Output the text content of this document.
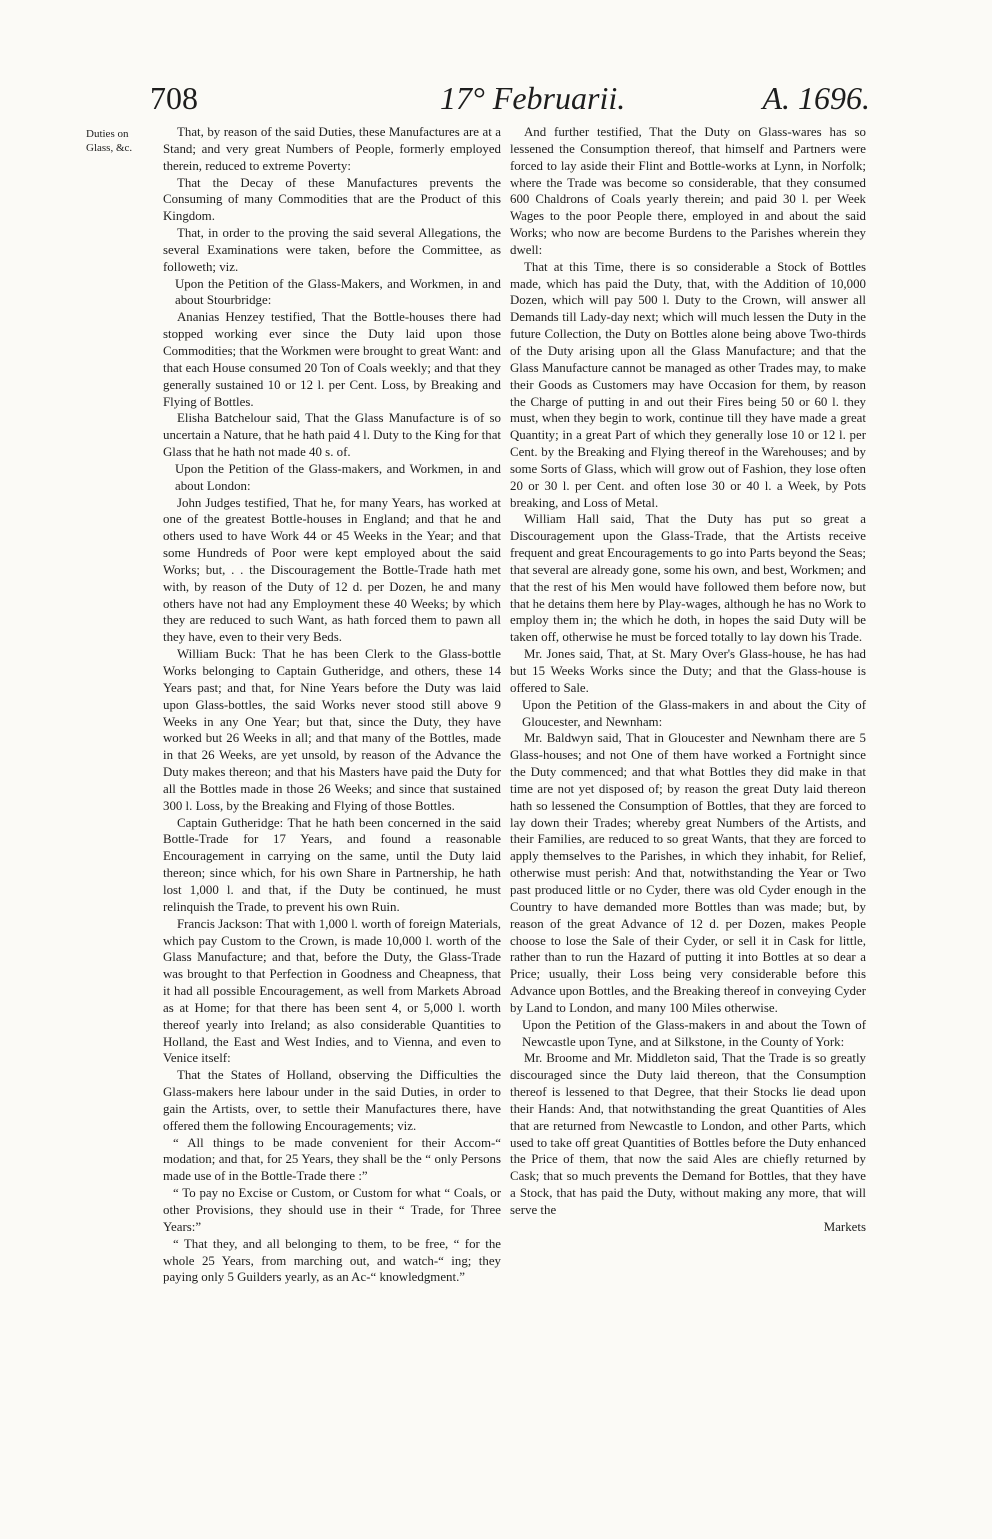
708	17° Februarii.	A. 1696.
Duties on Glass, &c.

That, by reason of the said Duties, these Manufactures are at a Stand; and very great Numbers of People, formerly employed therein, reduced to extreme Poverty:

That the Decay of these Manufactures prevents the Consuming of many Commodities that are the Product of this Kingdom.

That, in order to the proving the said several Allegations, the several Examinations were taken, before the Committee, as followeth; viz.

Upon the Petition of the Glass-Makers, and Workmen, in and about Stourbridge:

Ananias Henzey testified, That the Bottle-houses there had stopped working ever since the Duty laid upon those Commodities; that the Workmen were brought to great Want: and that each House consumed 20 Ton of Coals weekly; and that they generally sustained 10 or 12 l. per Cent. Loss, by Breaking and Flying of Bottles.

Elisha Batchelour said, That the Glass Manufacture is of so uncertain a Nature, that he hath paid 4 l. Duty to the King for that Glass that he hath not made 40 s. of.

Upon the Petition of the Glass-makers, and Workmen, in and about London:

John Judges testified, That he, for many Years, has worked at one of the greatest Bottle-houses in England; and that he and others used to have Work 44 or 45 Weeks in the Year; and that some Hundreds of Poor were kept employed about the said Works; but, . . the Discouragement the Bottle-Trade hath met with, by reason of the Duty of 12 d. per Dozen, he and many others have not had any Employment these 40 Weeks; by which they are reduced to such Want, as hath forced them to pawn all they have, even to their very Beds.

William Buck: That he has been Clerk to the Glass-bottle Works belonging to Captain Gutheridge, and others, these 14 Years past; and that, for Nine Years before the Duty was laid upon Glass-bottles, the said Works never stood still above 9 Weeks in any One Year; but that, since the Duty, they have worked but 26 Weeks in all; and that many of the Bottles, made in that 26 Weeks, are yet unsold, by reason of the Advance the Duty makes thereon; and that his Masters have paid the Duty for all the Bottles made in those 26 Weeks; and since that sustained 300 l. Loss, by the Breaking and Flying of those Bottles.

Captain Gutheridge: That he hath been concerned in the said Bottle-Trade for 17 Years, and found a reasonable Encouragement in carrying on the same, until the Duty laid thereon; since which, for his own Share in Partnership, he hath lost 1,000 l. and that, if the Duty be continued, he must relinquish the Trade, to prevent his own Ruin.

Francis Jackson: That with 1,000 l. worth of foreign Materials, which pay Custom to the Crown, is made 10,000 l. worth of the Glass Manufacture; and that, before the Duty, the Glass-Trade was brought to that Perfection in Goodness and Cheapness, that it had all possible Encouragement, as well from Markets Abroad as at Home; for that there has been sent 4, or 5,000 l. worth thereof yearly into Ireland; as also considerable Quantities to Holland, the East and West Indies, and to Vienna, and even to Venice itself:

That the States of Holland, observing the Difficulties the Glass-makers here labour under in the said Duties, in order to gain the Artists, over, to settle their Manufactures there, have offered them the following Encouragements; viz.

“ All things to be made convenient for their Accom-“ modation; and that, for 25 Years, they shall be the “ only Persons made use of in the Bottle-Trade there :”

“ To pay no Excise or Custom, or Custom for what “ Coals, or other Provisions, they should use in their “ Trade, for Three Years:”

“ That they, and all belonging to them, to be free, “ for the whole 25 Years, from marching out, and watch-“ ing; they paying only 5 Guilders yearly, as an Ac-“ knowledgment.”

And further testified, That the Duty on Glass-wares has so lessened the Consumption thereof, that himself and Partners were forced to lay aside their Flint and Bottle-works at Lynn, in Norfolk; where the Trade was become so considerable, that they consumed 600 Chaldrons of Coals yearly therein; and paid 30 l. per Week Wages to the poor People there, employed in and about the said Works; who now are become Burdens to the Parishes wherein they dwell:

That at this Time, there is so considerable a Stock of Bottles made, which has paid the Duty, that, with the Addition of 10,000 Dozen, which will pay 500 l. Duty to the Crown, will answer all Demands till Lady-day next; which will much lessen the Duty in the future Collection, the Duty on Bottles alone being above Two-thirds of the Duty arising upon all the Glass Manufacture; and that the Glass Manufacture cannot be managed as other Trades may, to make their Goods as Customers may have Occasion for them, by reason the Charge of putting in and out their Fires being 50 or 60 l. they must, when they begin to work, continue till they have made a great Quantity; in a great Part of which they generally lose 10 or 12 l. per Cent. by the Breaking and Flying thereof in the Warehouses; and by some Sorts of Glass, which will grow out of Fashion, they lose often 20 or 30 l. per Cent. and often lose 30 or 40 l. a Week, by Pots breaking, and Loss of Metal.

William Hall said, That the Duty has put so great a Discouragement upon the Glass-Trade, that the Artists receive frequent and great Encouragements to go into Parts beyond the Seas; that several are already gone, some his own, and best, Workmen; and that the rest of his Men would have followed them before now, but that he detains them here by Play-wages, although he has no Work to employ them in; the which he doth, in hopes the said Duty will be taken off, otherwise he must be forced totally to lay down his Trade.

Mr. Jones said, That, at St. Mary Over's Glass-house, he has had but 15 Weeks Works since the Duty; and that the Glass-house is offered to Sale.

Upon the Petition of the Glass-makers in and about the City of Gloucester, and Newnham:

Mr. Baldwyn said, That in Gloucester and Newnham there are 5 Glass-houses; and not One of them have worked a Fortnight since the Duty commenced; and that what Bottles they did make in that time are not yet disposed of; by reason the great Duty laid thereon hath so lessened the Consumption of Bottles, that they are forced to lay down their Trades; whereby great Numbers of the Artists, and their Families, are reduced to so great Wants, that they are forced to apply themselves to the Parishes, in which they inhabit, for Relief, otherwise must perish: And that, notwithstanding the Year or Two past produced little or no Cyder, there was old Cyder enough in the Country to have demanded more Bottles than was made; but, by reason of the great Advance of 12 d. per Dozen, makes People choose to lose the Sale of their Cyder, or sell it in Cask for little, rather than to run the Hazard of putting it into Bottles at so dear a Price; usually, their Loss being very considerable before this Advance upon Bottles, and the Breaking thereof in conveying Cyder by Land to London, and many 100 Miles otherwise.

Upon the Petition of the Glass-makers in and about the Town of Newcastle upon Tyne, and at Silkstone, in the County of York:

Mr. Broome and Mr. Middleton said, That the Trade is so greatly discouraged since the Duty laid thereon, that the Consumption thereof is lessened to that Degree, that their Stocks lie dead upon their Hands: And, that notwithstanding the great Quantities of Ales that are returned from Newcastle to London, and other Parts, which used to take off great Quantities of Bottles before the Duty enhanced the Price of them, that now the said Ales are chiefly returned by Cask; that so much prevents the Demand for Bottles, that they have a Stock, that has paid the Duty, without making any more, that will serve the

Markets
